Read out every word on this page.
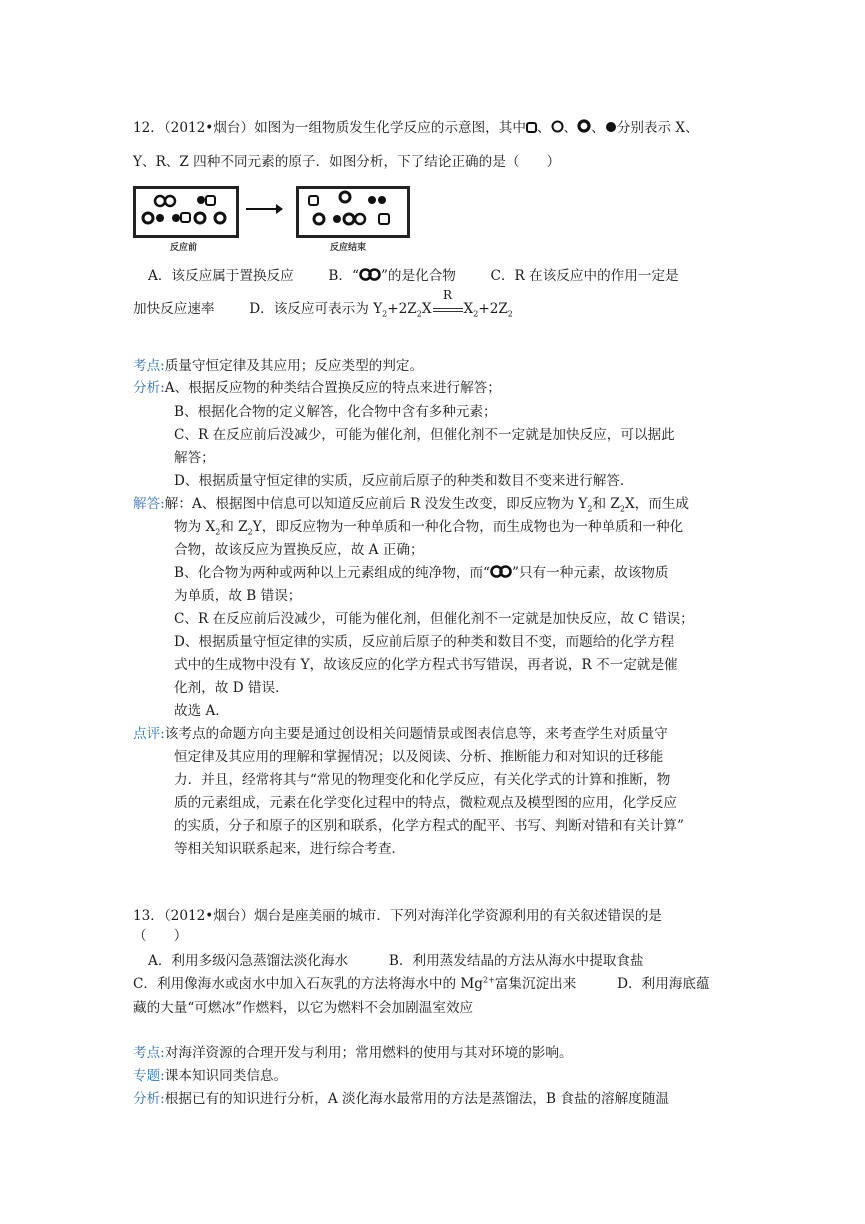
12．（2012•烟台）如图为一组物质发生化学反应的示意图，其中 、 、 、 分别表示 X、
Y、R、Z 四种不同元素的原子．如图分析，下了结论正确的是（　　）
反应前	反应结束
A．该反应属于置换反应	B．“ ”的是化合物	C．R 在该反应中的作用一定是
加快反应速率	D．该反应可表示为 $Y_2+2Z_2X$
R
$X_2+2Z_2$
考点:质量守恒定律及其应用；反应类型的判定。
分析:A、根据反应物的种类结合置换反应的特点来进行解答；
B、根据化合物的定义解答，化合物中含有多种元素；
C、R 在反应前后没减少，可能为催化剂，但催化剂不一定就是加快反应，可以据此
解答；
D、根据质量守恒定律的实质，反应前后原子的种类和数目不变来进行解答．
解答:解：A、根据图中信息可以知道反应前后 R 没发生改变，即反应物为 $Y_2$和 $Z_2X$，而生成
物为 $X_2$和 $Z_2Y$，即反应物为一种单质和一种化合物，而生成物也为一种单质和一种化
合物，故该反应为置换反应，故 A 正确；
B、化合物为两种或两种以上元素组成的纯净物，而“ ”只有一种元素，故该物质
为单质，故 B 错误；
C、R 在反应前后没减少，可能为催化剂，但催化剂不一定就是加快反应，故 C 错误；
D、根据质量守恒定律的实质，反应前后原子的种类和数目不变，而题给的化学方程
式中的生成物中没有 Y，故该反应的化学方程式书写错误，再者说，R 不一定就是催
化剂，故 D 错误．
故选 A．
点评:该考点的命题方向主要是通过创设相关问题情景或图表信息等，来考查学生对质量守
恒定律及其应用的理解和掌握情况；以及阅读、分析、推断能力和对知识的迁移能
力．并且，经常将其与“常见的物理变化和化学反应，有关化学式的计算和推断，物
质的元素组成，元素在化学变化过程中的特点，微粒观点及模型图的应用，化学反应
的实质，分子和原子的区别和联系，化学方程式的配平、书写、判断对错和有关计算”
等相关知识联系起来，进行综合考查．
13．（2012•烟台）烟台是座美丽的城市．下列对海洋化学资源利用的有关叙述错误的是
（　　）
A．利用多级闪急蒸馏法淡化海水　　　B．利用蒸发结晶的方法从海水中提取食盐
C．利用像海水或卤水中加入石灰乳的方法将海水中的 $Mg^{2+}$富集沉淀出来　　　D．利用海底蕴
藏的大量“可燃冰”作燃料，以它为燃料不会加剧温室效应
考点:对海洋资源的合理开发与利用；常用燃料的使用与其对环境的影响。
专题:课本知识同类信息。
分析:根据已有的知识进行分析，A 淡化海水最常用的方法是蒸馏法，B 食盐的溶解度随温
